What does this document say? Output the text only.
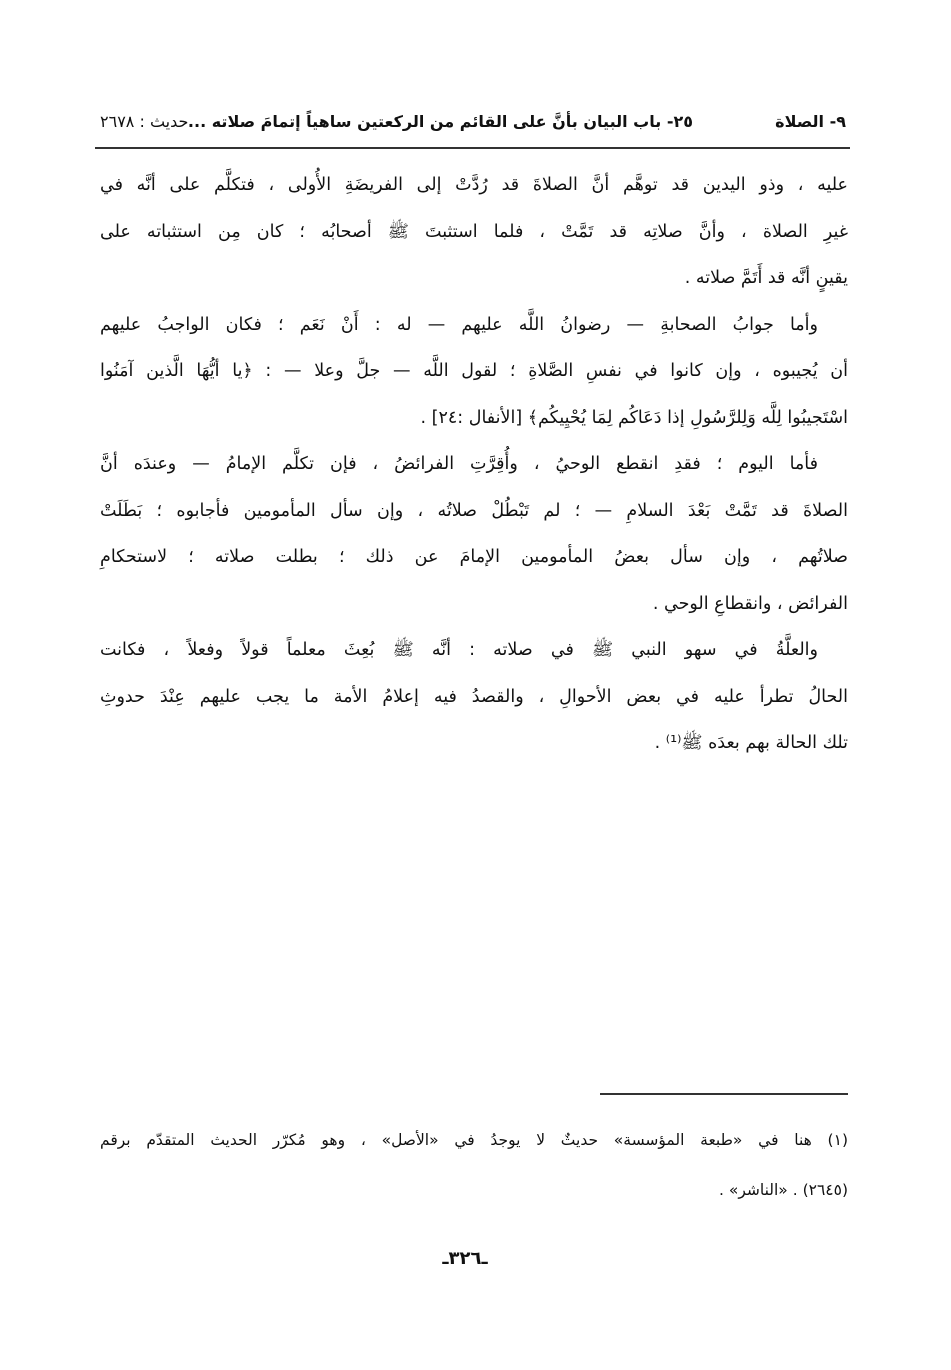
٩- الصلاة
٢٥- باب البيان بأنَّ على القائم من الركعتين ساهياً إتمامَ صلاته ...
حديث : ٢٦٧٨
عليه ، وذو اليدين قد توهَّم أنَّ الصلاةَ قد رُدَّتْ إلى الفريضَةِ الأُولى ، فتكلَّم على أنَّه في
غيرِ الصلاة ، وأنَّ صلاتِه قد تَمَّتْ ، فلما استثبتَ ﷺ أصحابُه ؛ كان مِن استثباته على
يقينٍ أنَّه قد أَتَمَّ صلاته .
وأما جوابُ الصحابةِ — رضوانُ اللَّه عليهم — له : أَنْ نَعَم ؛ فكان الواجبُ عليهم
أن يُجيبوه ، وإن كانوا في نفسِ الصَّلاةِ ؛ لقول اللَّه — جلَّ وعلا — : ﴿يا أيُّهَا الَّذين آمَنُوا
اسْتَجيبُوا لِلَّه وَلِلرَّسُولِ إذا دَعَاكُم لِمَا يُحْيِيكُم﴾ [الأنفال :٢٤] .
فأما اليوم ؛ فقدِ انقطع الوحيُ ، وأُقِرَّتِ الفرائضُ ، فإن تكلَّم الإمامُ — وعندَه أنَّ
الصلاةَ قد تَمَّتْ بَعْدَ السلامِ — ؛ لم تَبْطُلْ صلاتُه ، وإن سأل المأمومين فأجابوه ؛ بَطَلَتْ
صلاتُهم ، وإن سأل بعضُ المأمومين الإمامَ عن ذلك ؛ بطلت صلاته ؛ لاستحكامِ
الفرائض ، وانقطاعِ الوحي .
والعلَّةُ في سهو النبي ﷺ في صلاته : أنَّه ﷺ بُعِثَ معلماً قولاً وفعلاً ، فكانت
الحالُ تطرأ عليه في بعض الأحوالِ ، والقصدُ فيه إعلامُ الأمة ما يجب عليهم عِنْدَ حدوثِ
تلك الحالة بهم بعدَه ﷺ⁽¹⁾ .
(١) هنا في «طبعة المؤسسة» حديثٌ لا يوجدُ في «الأصل» ، وهو مُكرّر الحديث المتقدّم برقم
(٢٦٤٥) . «الناشر» .
ـ٣٢٦ـ
